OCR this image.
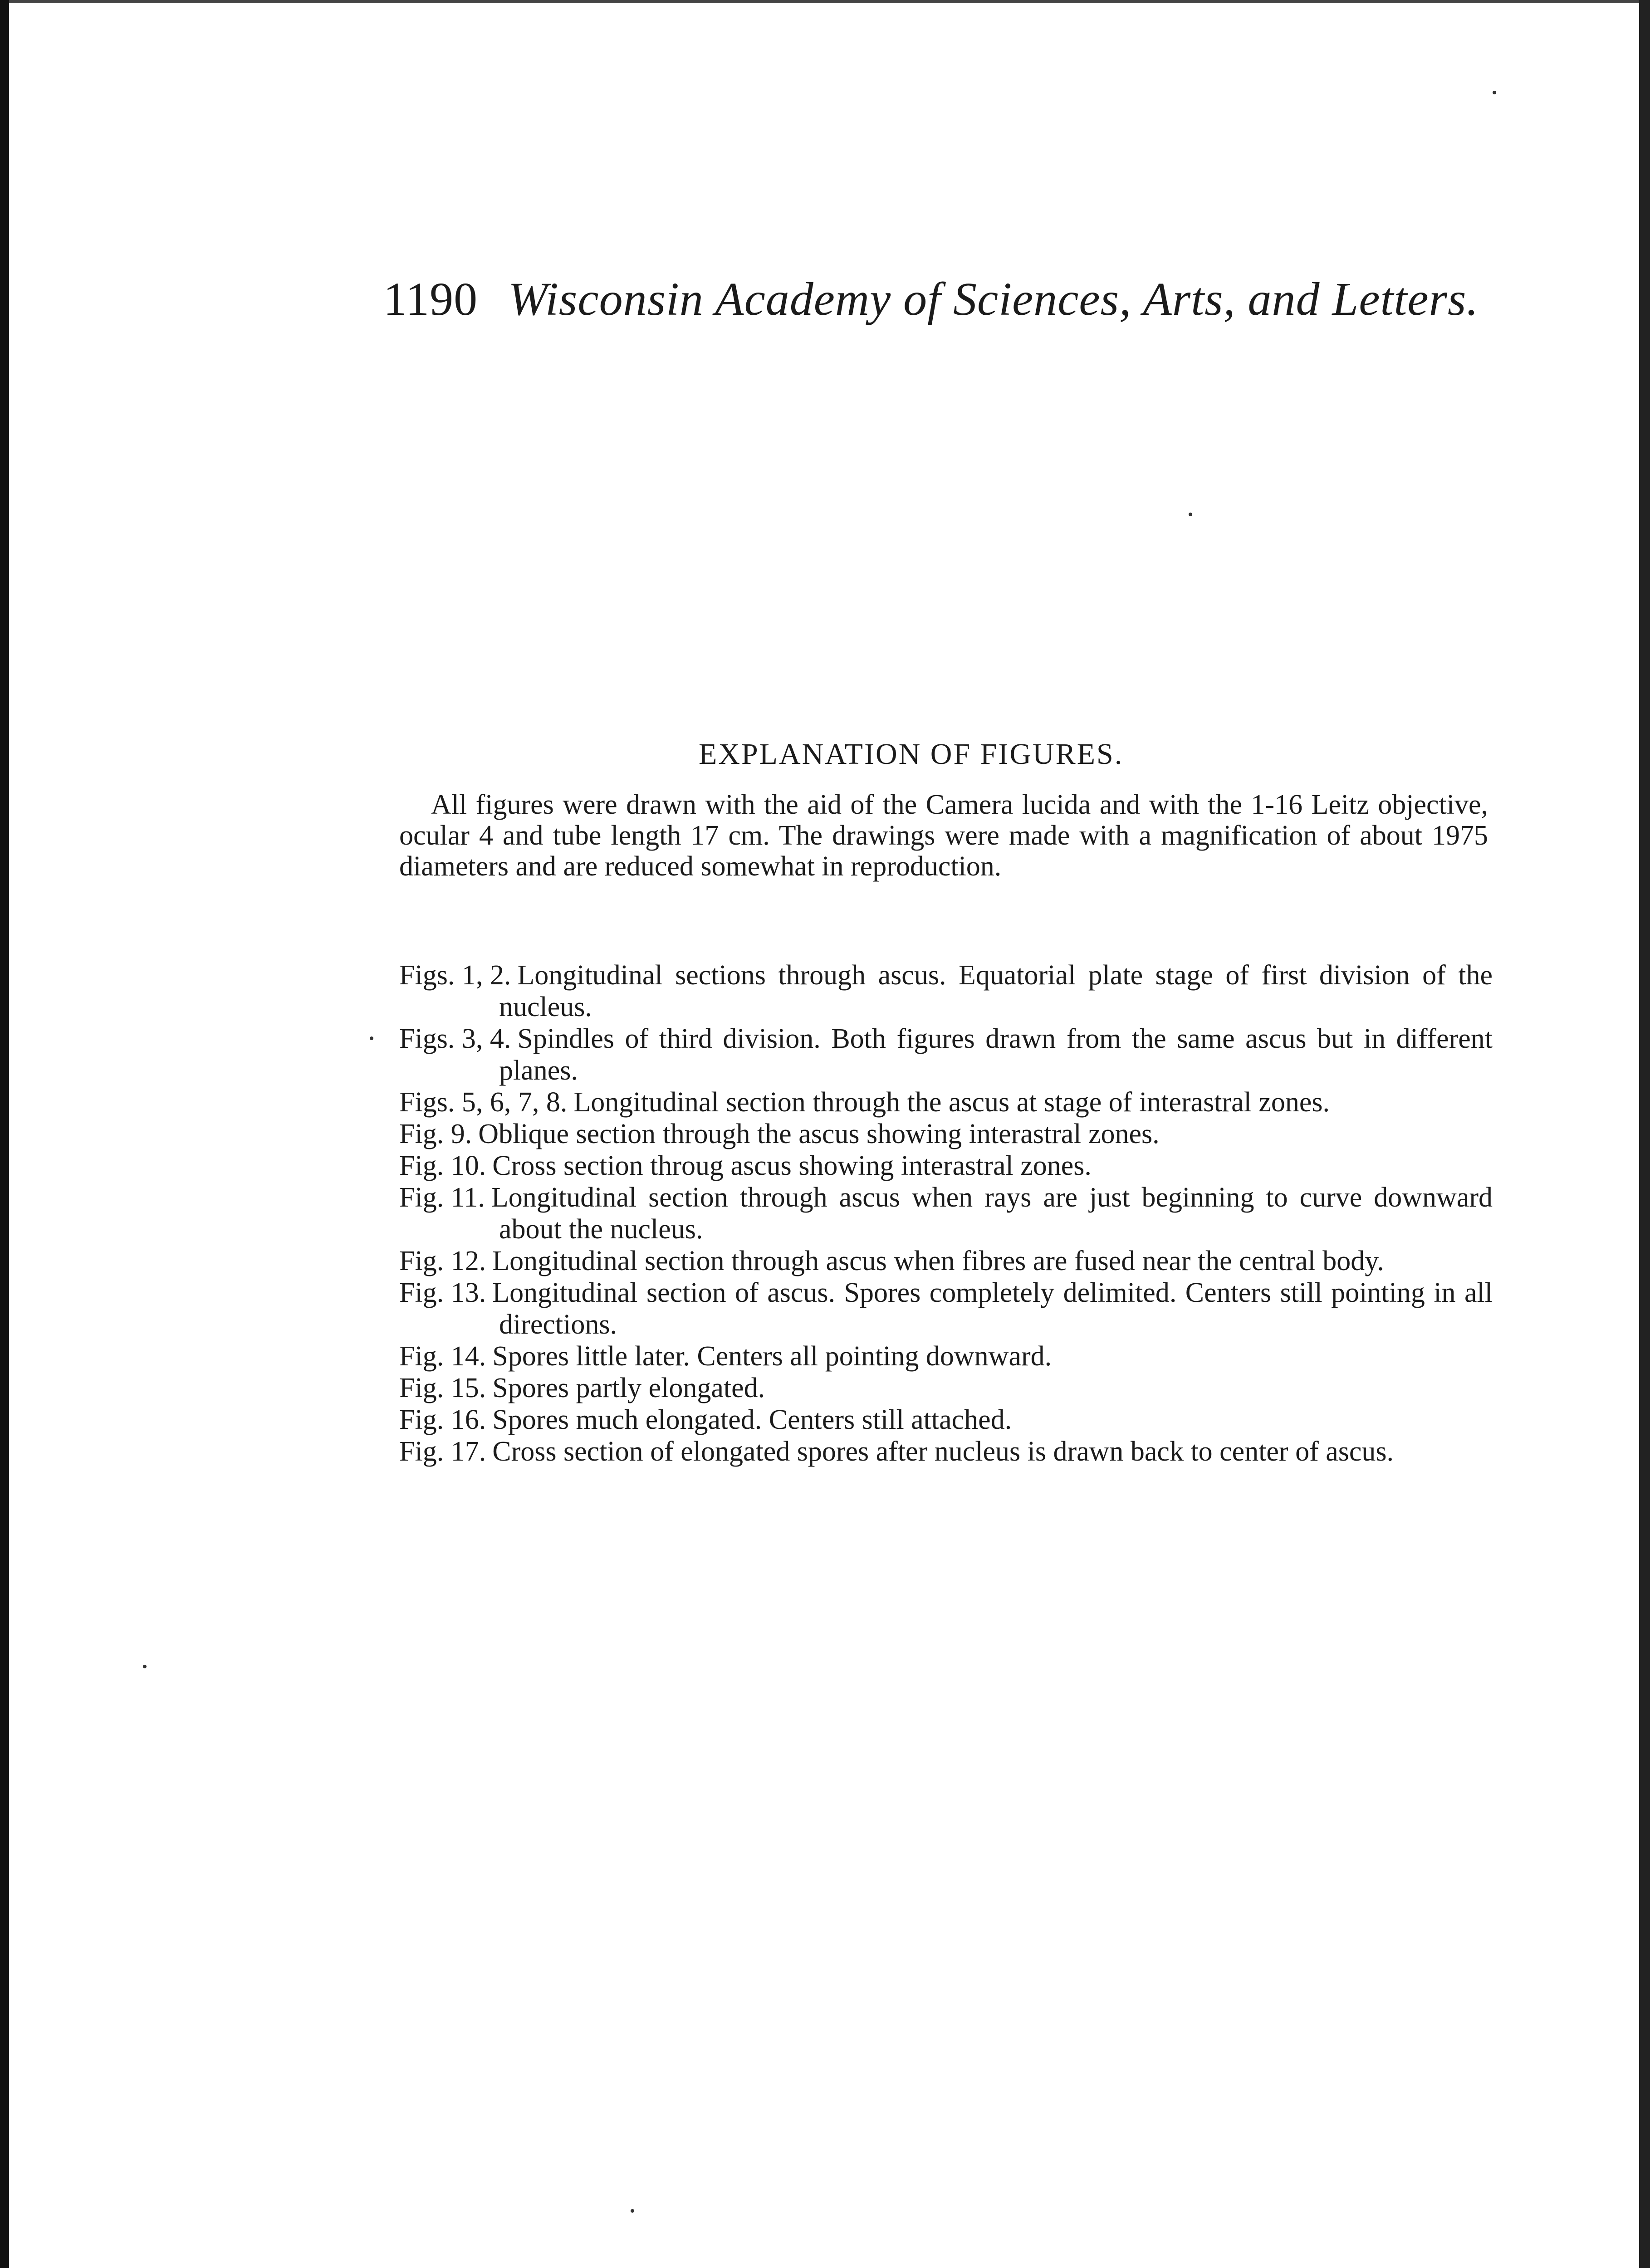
1190 Wisconsin Academy of Sciences, Arts, and Letters.
EXPLANATION OF FIGURES.

All figures were drawn with the aid of the Camera lucida and with the 1-16 Leitz objective, ocular 4 and tube length 17 cm. The drawings were made with a magnification of about 1975 diameters and are reduced somewhat in reproduction.

Figs. 1, 2. Longitudinal sections through ascus. Equatorial plate stage of first division of the nucleus.
Figs. 3, 4. Spindles of third division. Both figures drawn from the same ascus but in different planes.
Figs. 5, 6, 7, 8. Longitudinal section through the ascus at stage of interastral zones.
Fig. 9. Oblique section through the ascus showing interastral zones.
Fig. 10. Cross section throug ascus showing interastral zones.
Fig. 11. Longitudinal section through ascus when rays are just beginning to curve downward about the nucleus.
Fig. 12. Longitudinal section through ascus when fibres are fused near the central body.
Fig. 13. Longitudinal section of ascus. Spores completely delimited. Centers still pointing in all directions.
Fig. 14. Spores little later. Centers all pointing downward.
Fig. 15. Spores partly elongated.
Fig. 16. Spores much elongated. Centers still attached.
Fig. 17. Cross section of elongated spores after nucleus is drawn back to center of ascus.
